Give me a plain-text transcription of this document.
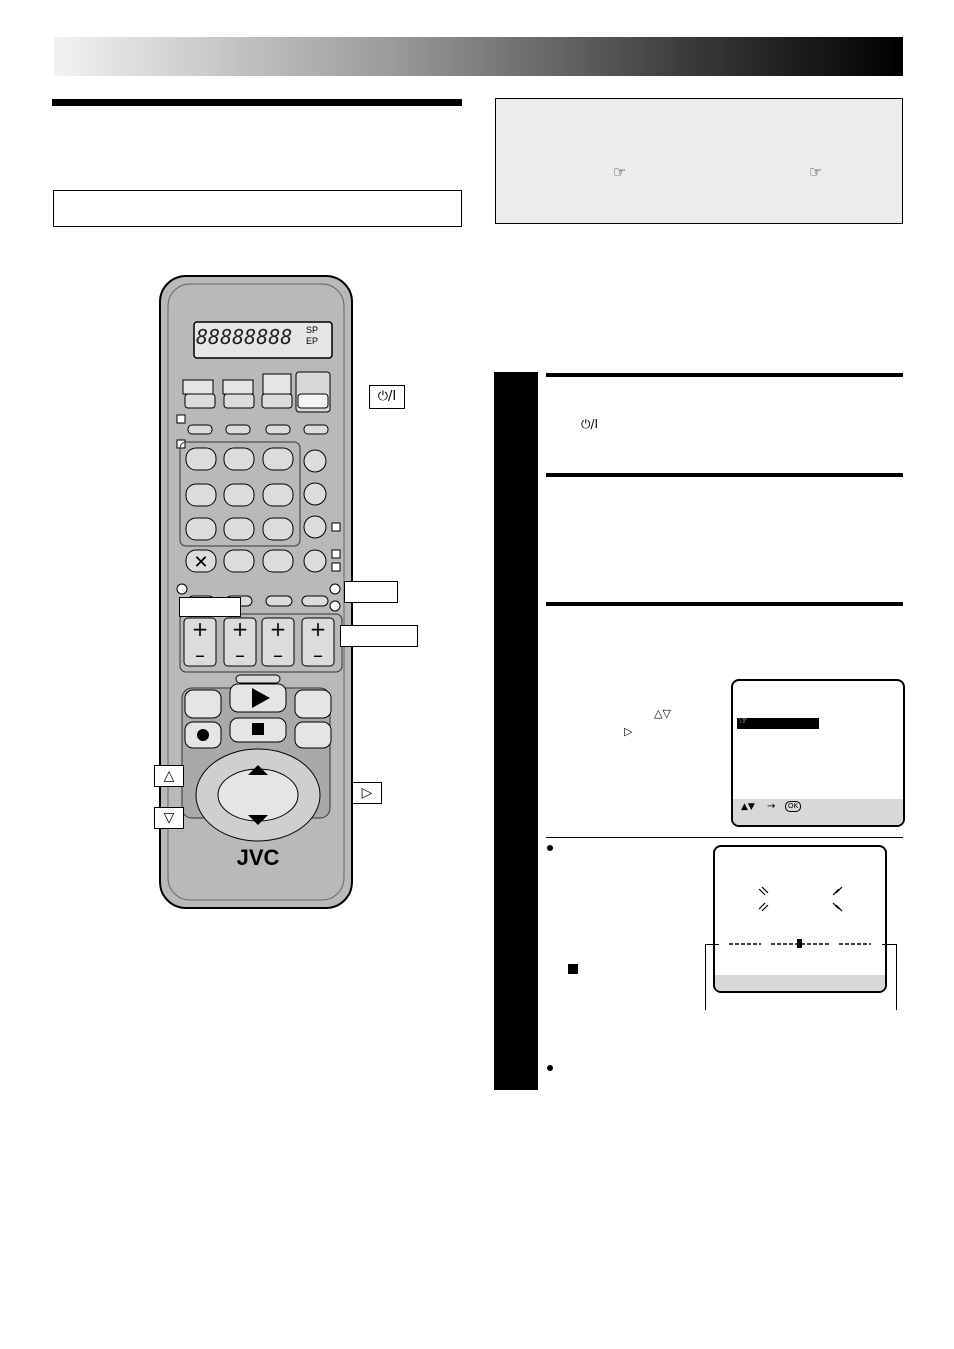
☞	☞
✕
+ + + +
– – – –
JVC
88888888	SP
EP
⏻/I
△
▽
▷
⏻/I
△▽
▷
☞
▲▼ →	OK
